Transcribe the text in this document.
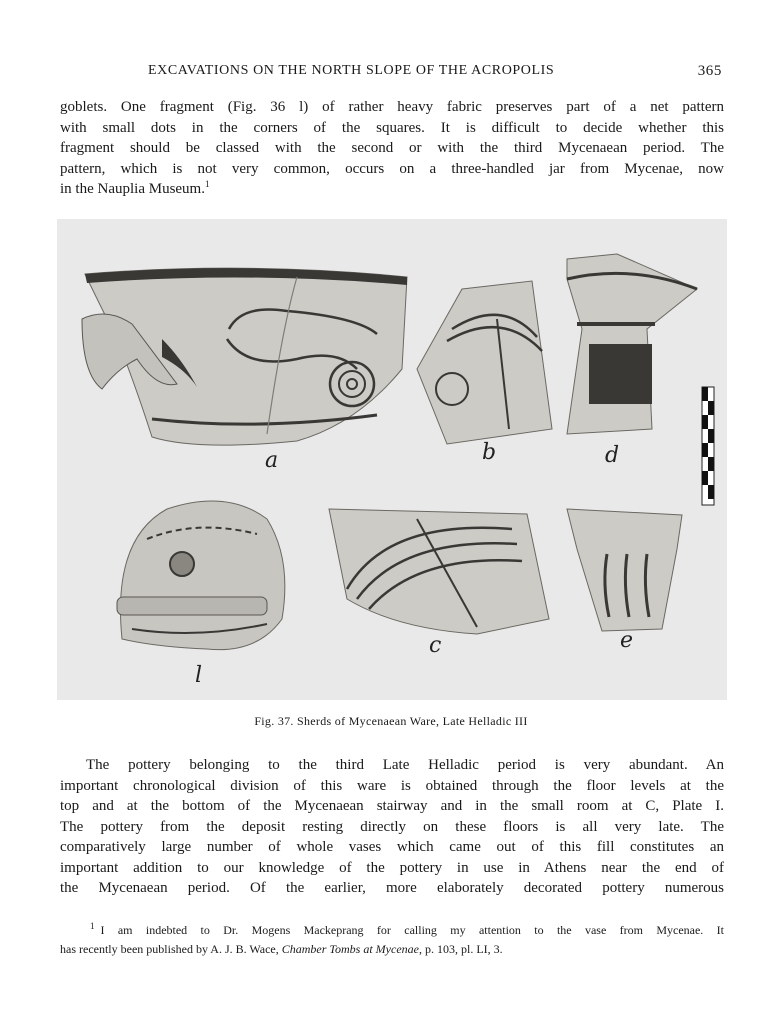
EXCAVATIONS ON THE NORTH SLOPE OF THE ACROPOLIS	365
goblets. One fragment (Fig. 36 l) of rather heavy fabric preserves part of a net pattern
with small dots in the corners of the squares. It is difficult to decide whether this
fragment should be classed with the second or with the third Mycenaean period. The
pattern, which is not very common, occurs on a three-handled jar from Mycenae, now
in the Nauplia Museum.$^1$
a	b	d
l
c	e
Fig. 37. Sherds of Mycenaean Ware, Late Helladic III
The pottery belonging to the third Late Helladic period is very abundant. An
important chronological division of this ware is obtained through the floor levels at the
top and at the bottom of the Mycenaean stairway and in the small room at C, Plate I.
The pottery from the deposit resting directly on these floors is all very late. The
comparatively large number of whole vases which came out of this fill constitutes an
important addition to our knowledge of the pottery in use in Athens near the end of
the Mycenaean period. Of the earlier, more elaborately decorated pottery numerous
$^1$ I am indebted to Dr. Mogens Mackeprang for calling my attention to the vase from Mycenae. It
has recently been published by A. J. B. Wace, Chamber Tombs at Mycenae, p. 103, pl. LI, 3.
